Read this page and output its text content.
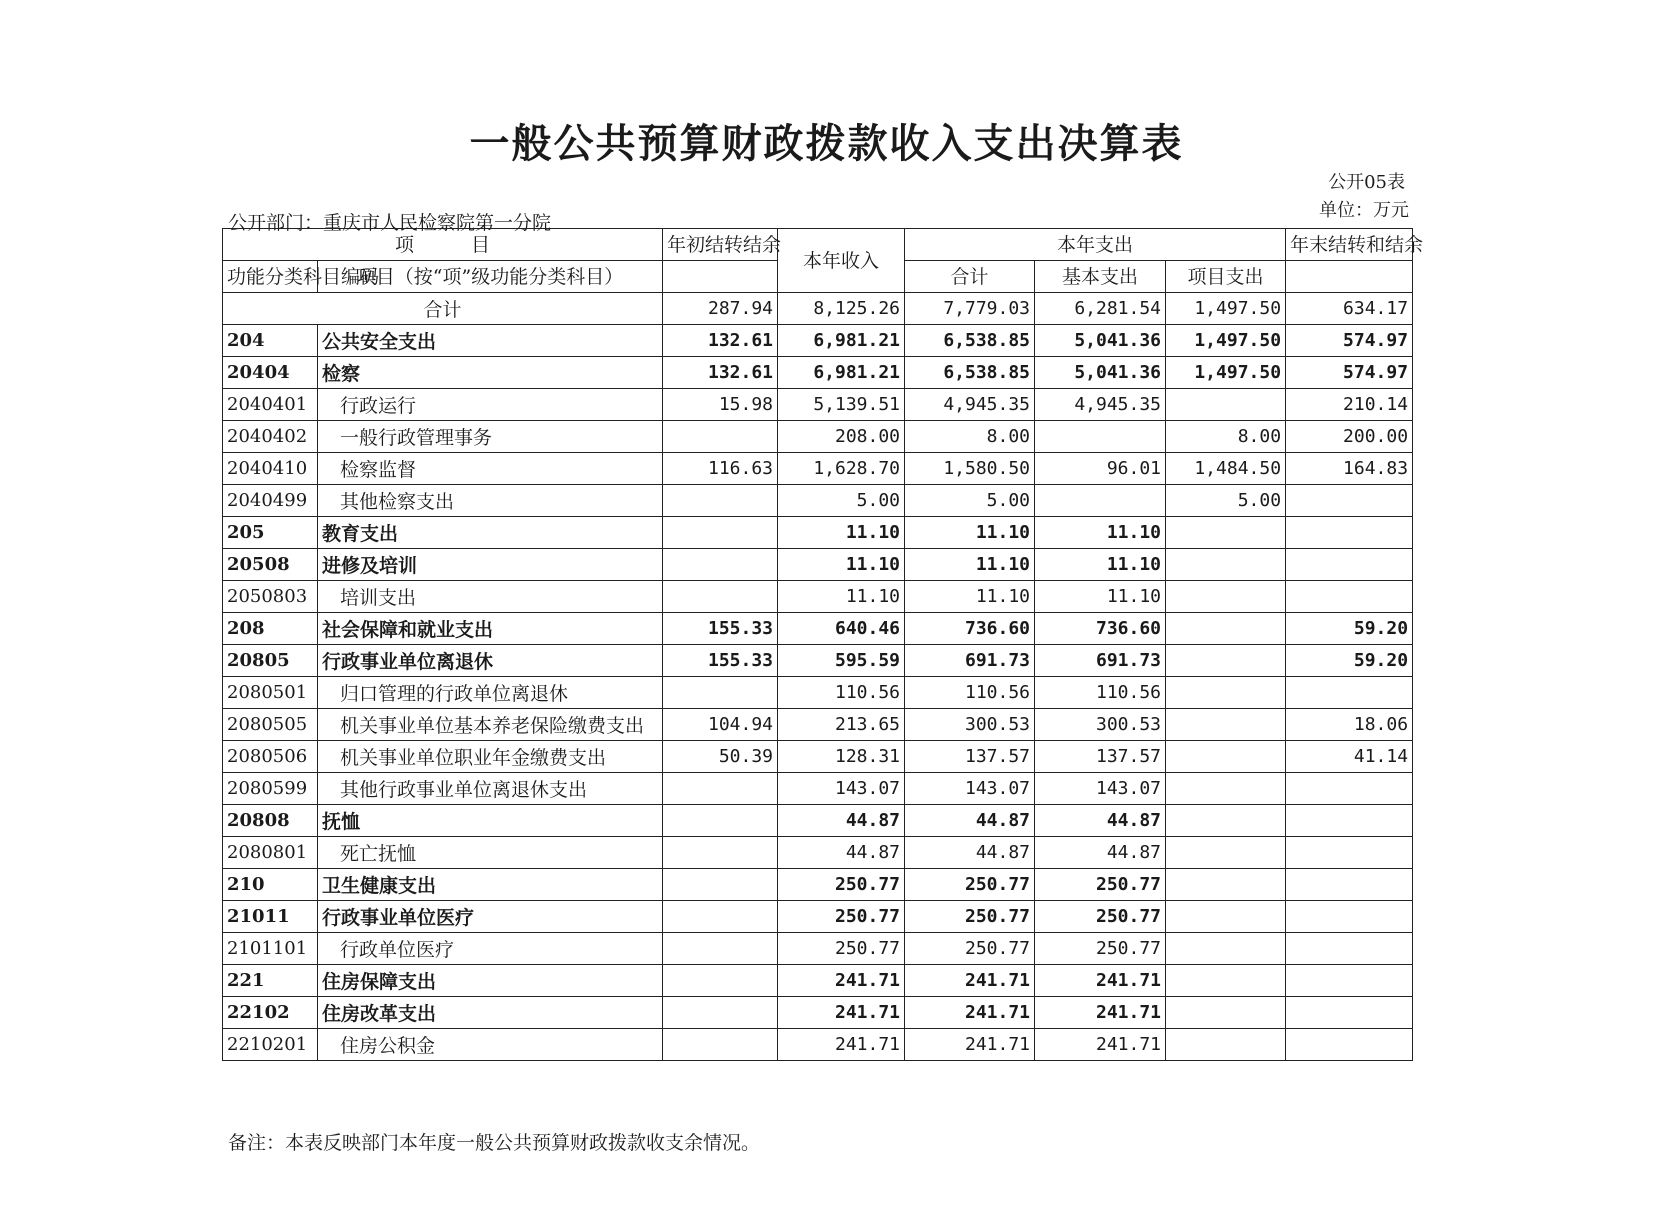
一般公共预算财政拨款收入支出决算表
公开05表
单位：万元
公开部门：重庆市人民检察院第一分院
项　　　目		年初结转结余	本年收入	本年支出			年末结转和结余
功能分类科目编码	项目（按“项”级功能分类科目）			合计	基本支出	项目支出	

合计		287.94	8,125.26	7,779.03	6,281.54	1,497.50	634.17
204	公共安全支出	132.61	6,981.21	6,538.85	5,041.36	1,497.50	574.97
20404	检察	132.61	6,981.21	6,538.85	5,041.36	1,497.50	574.97
2040401	行政运行	15.98	5,139.51	4,945.35	4,945.35		210.14
2040402	一般行政管理事务		208.00	8.00		8.00	200.00
2040410	检察监督	116.63	1,628.70	1,580.50	96.01	1,484.50	164.83
2040499	其他检察支出		5.00	5.00		5.00	
205	教育支出		11.10	11.10	11.10		
20508	进修及培训		11.10	11.10	11.10		
2050803	培训支出		11.10	11.10	11.10		
208	社会保障和就业支出	155.33	640.46	736.60	736.60		59.20
20805	行政事业单位离退休	155.33	595.59	691.73	691.73		59.20
2080501	归口管理的行政单位离退休		110.56	110.56	110.56		
2080505	机关事业单位基本养老保险缴费支出	104.94	213.65	300.53	300.53		18.06
2080506	机关事业单位职业年金缴费支出	50.39	128.31	137.57	137.57		41.14
2080599	其他行政事业单位离退休支出		143.07	143.07	143.07		
20808	抚恤		44.87	44.87	44.87		
2080801	死亡抚恤		44.87	44.87	44.87		
210	卫生健康支出		250.77	250.77	250.77		
21011	行政事业单位医疗		250.77	250.77	250.77		
2101101	行政单位医疗		250.77	250.77	250.77		
221	住房保障支出		241.71	241.71	241.71		
22102	住房改革支出		241.71	241.71	241.71		
2210201	住房公积金		241.71	241.71	241.71		
备注：本表反映部门本年度一般公共预算财政拨款收支余情况。
